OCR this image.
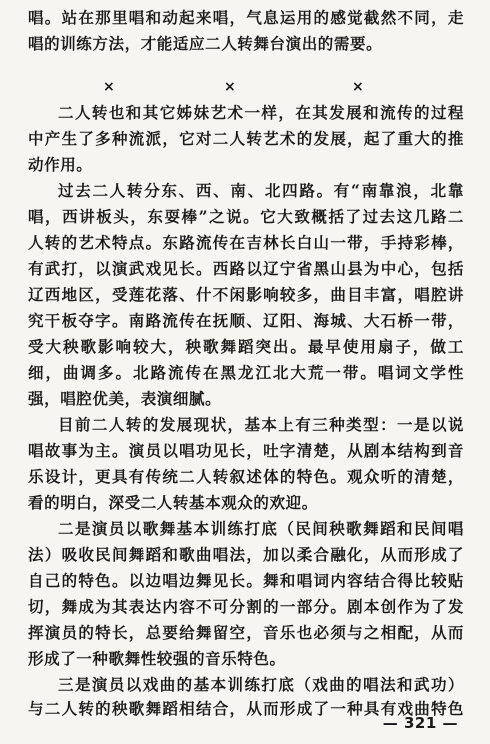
唱。站在那里唱和动起来唱，气息运用的感觉截然不同，走
唱的训练方法，才能适应二人转舞台演出的需要。
×	×	×
二人转也和其它姊妹艺术一样，在其发展和流传的过程
中产生了多种流派，它对二人转艺术的发展，起了重大的推
动作用。
过去二人转分东、西、南、北四路。有“南靠浪，北靠
唱，西讲板头，东耍棒”之说。它大致概括了过去这几路二
人转的艺术特点。东路流传在吉林长白山一带，手持彩棒，
有武打，以演武戏见长。西路以辽宁省黑山县为中心，包括
辽西地区，受莲花落、什不闲影响较多，曲目丰富，唱腔讲
究干板夺字。南路流传在抚顺、辽阳、海城、大石桥一带，
受大秧歌影响较大，秧歌舞蹈突出。最早使用扇子，做工
细，曲调多。北路流传在黑龙江北大荒一带。唱词文学性
强，唱腔优美，表演细腻。
目前二人转的发展现状，基本上有三种类型：一是以说
唱故事为主。演员以唱功见长，吐字清楚，从剧本结构到音
乐设计，更具有传统二人转叙述体的特色。观众听的清楚，
看的明白，深受二人转基本观众的欢迎。
二是演员以歌舞基本训练打底（民间秧歌舞蹈和民间唱
法）吸收民间舞蹈和歌曲唱法，加以柔合融化，从而形成了
自己的特色。以边唱边舞见长。舞和唱词内容结合得比较贴
切，舞成为其表达内容不可分割的一部分。剧本创作为了发
挥演员的特长，总要给舞留空，音乐也必须与之相配，从而
形成了一种歌舞性较强的音乐特色。
三是演员以戏曲的基本训练打底（戏曲的唱法和武功）
与二人转的秧歌舞蹈相结合，从而形成了一种具有戏曲特色
— 321 —
